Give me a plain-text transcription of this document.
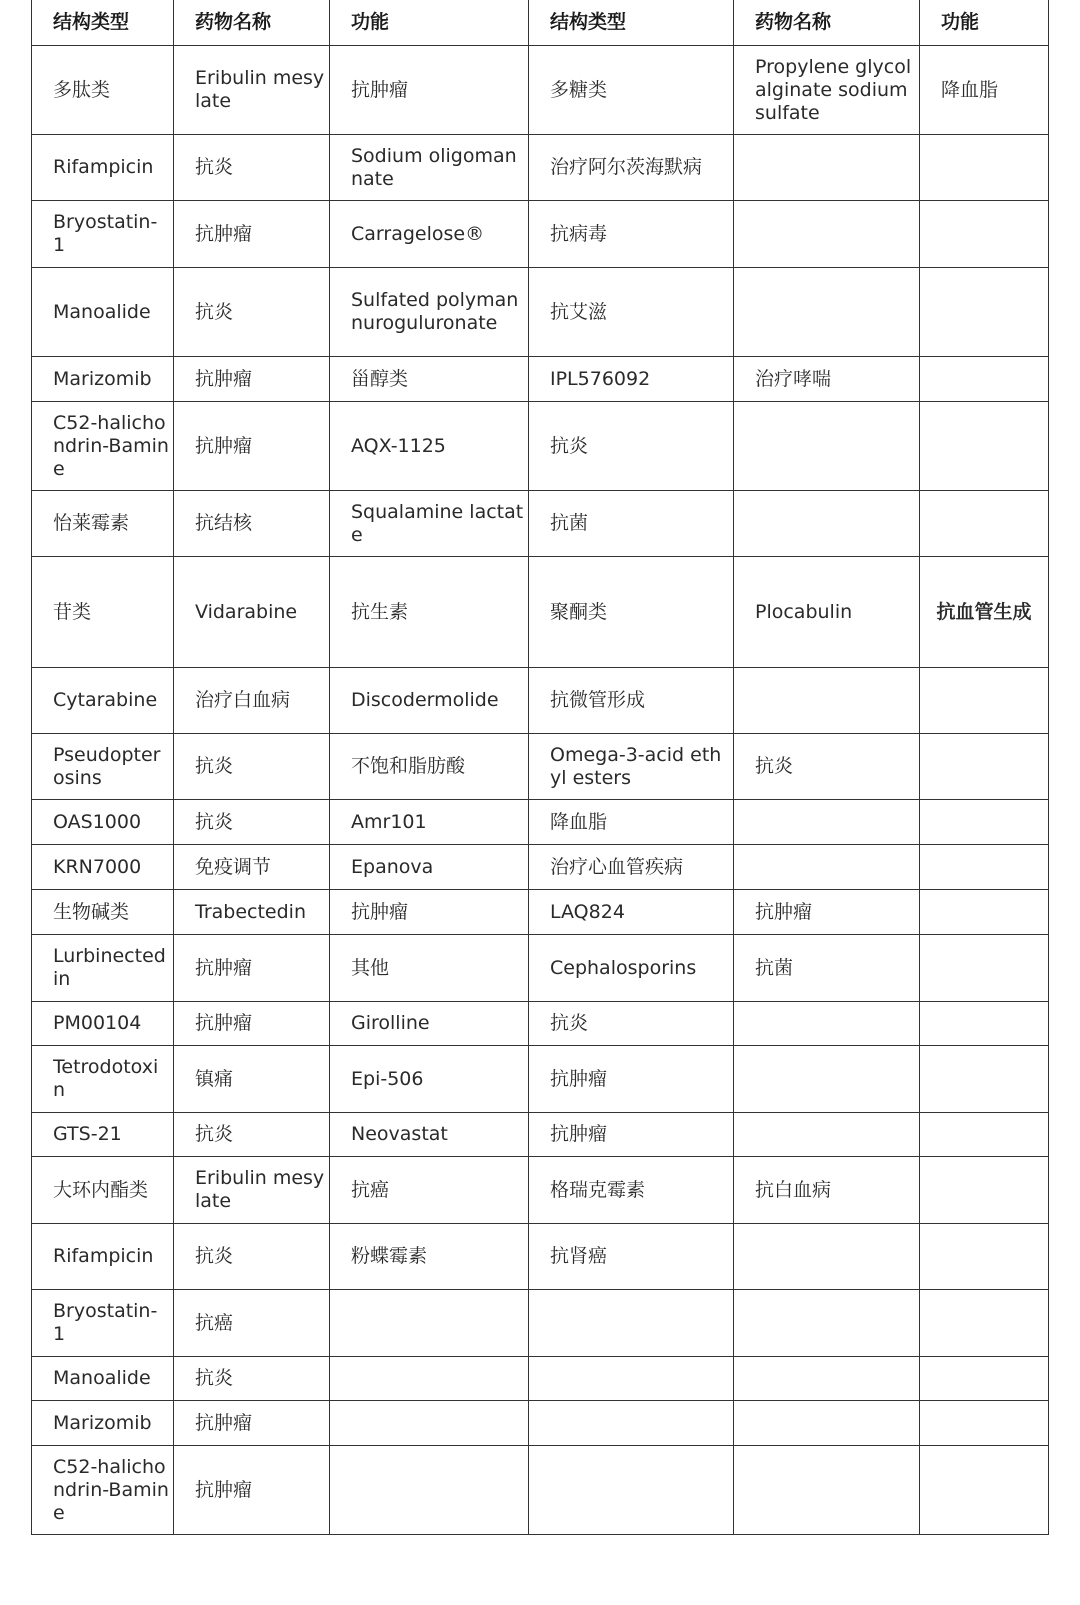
结构类型	药物名称	功能	结构类型	药物名称	功能
多肽类	Eribulin mesylate	抗肿瘤	多糖类	Propylene glycol alginate sodium sulfate	降血脂
Rifampicin	抗炎	Sodium oligomannate	治疗阿尔茨海默病		
Bryostatin-1	抗肿瘤	Carragelose®	抗病毒		
Manoalide	抗炎	Sulfated polymannuroguluronate	抗艾滋		
Marizomib	抗肿瘤	甾醇类	IPL576092	治疗哮喘	
C52-halichondrin-Bamine	抗肿瘤	AQX-1125	抗炎		
怡莱霉素	抗结核	Squalamine lactate	抗菌		
苷类	Vidarabine	抗生素	聚酮类	Plocabulin	抗血管生成
Cytarabine	治疗白血病	Discodermolide	抗微管形成		
Pseudopterosins	抗炎	不饱和脂肪酸	Omega-3-acid ethyl esters	抗炎	
OAS1000	抗炎	Amr101	降血脂		
KRN7000	免疫调节	Epanova	治疗心血管疾病		
生物碱类	Trabectedin	抗肿瘤	LAQ824	抗肿瘤	
Lurbinectedin	抗肿瘤	其他	Cephalosporins	抗菌	
PM00104	抗肿瘤	Girolline	抗炎		
Tetrodotoxin	镇痛	Epi-506	抗肿瘤		
GTS-21	抗炎	Neovastat	抗肿瘤		
大环内酯类	Eribulin mesylate	抗癌	格瑞克霉素	抗白血病	
Rifampicin	抗炎	粉蝶霉素	抗肾癌		
Bryostatin-1	抗癌				
Manoalide	抗炎				
Marizomib	抗肿瘤				
C52-halichondrin-Bamine	抗肿瘤				
